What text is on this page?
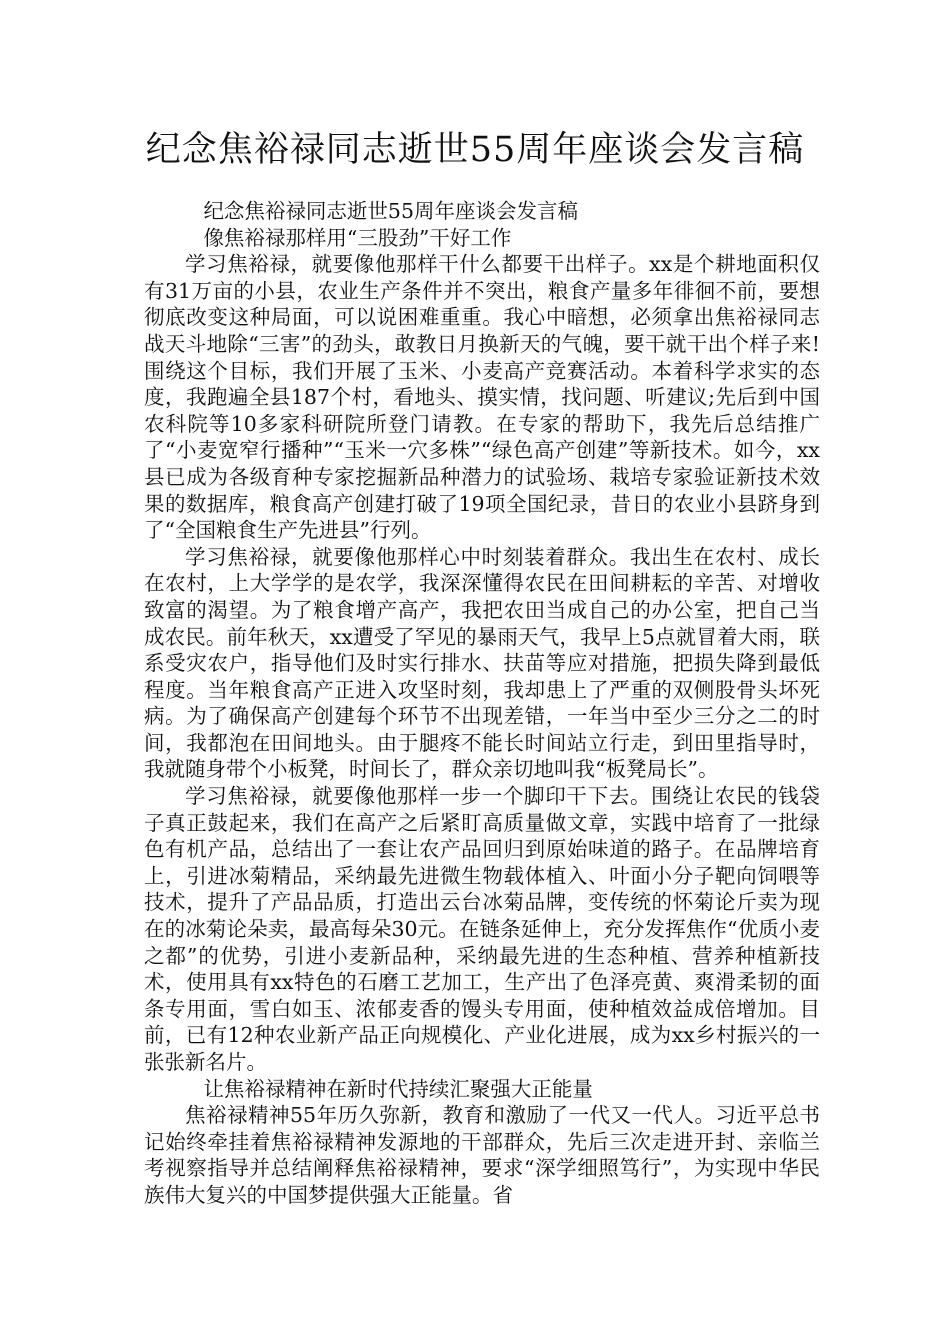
纪念焦裕禄同志逝世55周年座谈会发言稿

纪念焦裕禄同志逝世55周年座谈会发言稿

像焦裕禄那样用“三股劲”干好工作

学习焦裕禄，就要像他那样干什么都要干出样子。xx是个耕地面积仅有31万亩的小县，农业生产条件并不突出，粮食产量多年徘徊不前，要想彻底改变这种局面，可以说困难重重。我心中暗想，必须拿出焦裕禄同志战天斗地除“三害”的劲头，敢教日月换新天的气魄，要干就干出个样子来!围绕这个目标，我们开展了玉米、小麦高产竞赛活动。本着科学求实的态度，我跑遍全县187个村，看地头、摸实情，找问题、听建议;先后到中国农科院等10多家科研院所登门请教。在专家的帮助下，我先后总结推广了“小麦宽窄行播种”“玉米一穴多株”“绿色高产创建”等新技术。如今，xx县已成为各级育种专家挖掘新品种潜力的试验场、栽培专家验证新技术效果的数据库，粮食高产创建打破了19项全国纪录，昔日的农业小县跻身到了“全国粮食生产先进县”行列。

学习焦裕禄，就要像他那样心中时刻装着群众。我出生在农村、成长在农村，上大学学的是农学，我深深懂得农民在田间耕耘的辛苦、对增收致富的渴望。为了粮食增产高产，我把农田当成自己的办公室，把自己当成农民。前年秋天，xx遭受了罕见的暴雨天气，我早上5点就冒着大雨，联系受灾农户，指导他们及时实行排水、扶苗等应对措施，把损失降到最低程度。当年粮食高产正进入攻坚时刻，我却患上了严重的双侧股骨头坏死病。为了确保高产创建每个环节不出现差错，一年当中至少三分之二的时间，我都泡在田间地头。由于腿疼不能长时间站立行走，到田里指导时，我就随身带个小板凳，时间长了，群众亲切地叫我“板凳局长”。

学习焦裕禄，就要像他那样一步一个脚印干下去。围绕让农民的钱袋子真正鼓起来，我们在高产之后紧盯高质量做文章，实践中培育了一批绿色有机产品，总结出了一套让农产品回归到原始味道的路子。在品牌培育上，引进冰菊精品，采纳最先进微生物载体植入、叶面小分子靶向饲喂等技术，提升了产品品质，打造出云台冰菊品牌，变传统的怀菊论斤卖为现在的冰菊论朵卖，最高每朵30元。在链条延伸上，充分发挥焦作“优质小麦之都”的优势，引进小麦新品种，采纳最先进的生态种植、营养种植新技术，使用具有xx特色的石磨工艺加工，生产出了色泽亮黄、爽滑柔韧的面条专用面，雪白如玉、浓郁麦香的馒头专用面，使种植效益成倍增加。目前，已有12种农业新产品正向规模化、产业化进展，成为xx乡村振兴的一张张新名片。

让焦裕禄精神在新时代持续汇聚强大正能量

焦裕禄精神55年历久弥新，教育和激励了一代又一代人。习近平总书记始终牵挂着焦裕禄精神发源地的干部群众，先后三次走进开封、亲临兰考视察指导并总结阐释焦裕禄精神，要求“深学细照笃行”，为实现中华民族伟大复兴的中国梦提供强大正能量。省
